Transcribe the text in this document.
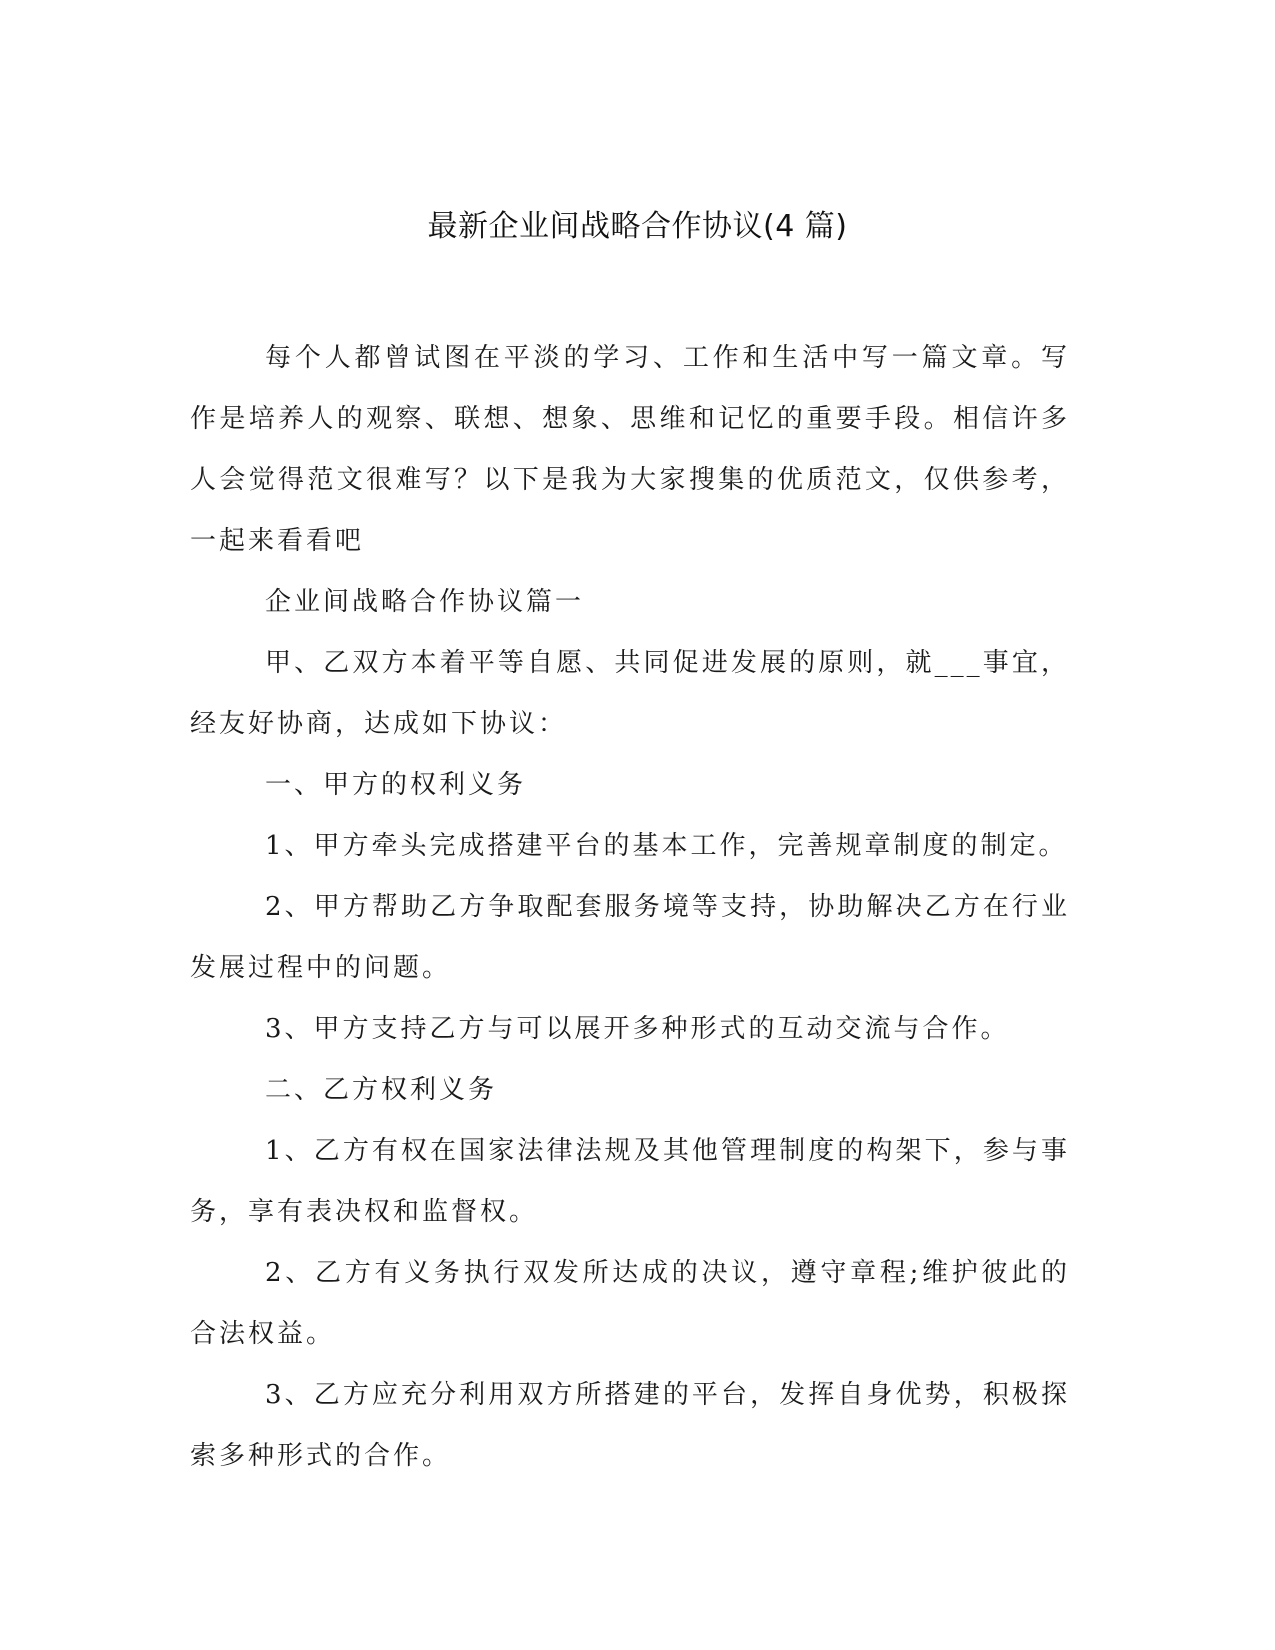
最新企业间战略合作协议(4 篇)

每个人都曾试图在平淡的学习、工作和生活中写一篇文章。写作是培养人的观察、联想、想象、思维和记忆的重要手段。相信许多人会觉得范文很难写？以下是我为大家搜集的优质范文，仅供参考，一起来看看吧

企业间战略合作协议篇一

甲、乙双方本着平等自愿、共同促进发展的原则，就___事宜，经友好协商，达成如下协议：

一、甲方的权利义务

1、甲方牵头完成搭建平台的基本工作，完善规章制度的制定。

2、甲方帮助乙方争取配套服务境等支持，协助解决乙方在行业发展过程中的问题。

3、甲方支持乙方与可以展开多种形式的互动交流与合作。

二、乙方权利义务

1、乙方有权在国家法律法规及其他管理制度的构架下，参与事务，享有表决权和监督权。

2、乙方有义务执行双发所达成的决议，遵守章程;维护彼此的合法权益。

3、乙方应充分利用双方所搭建的平台，发挥自身优势，积极探索多种形式的合作。
